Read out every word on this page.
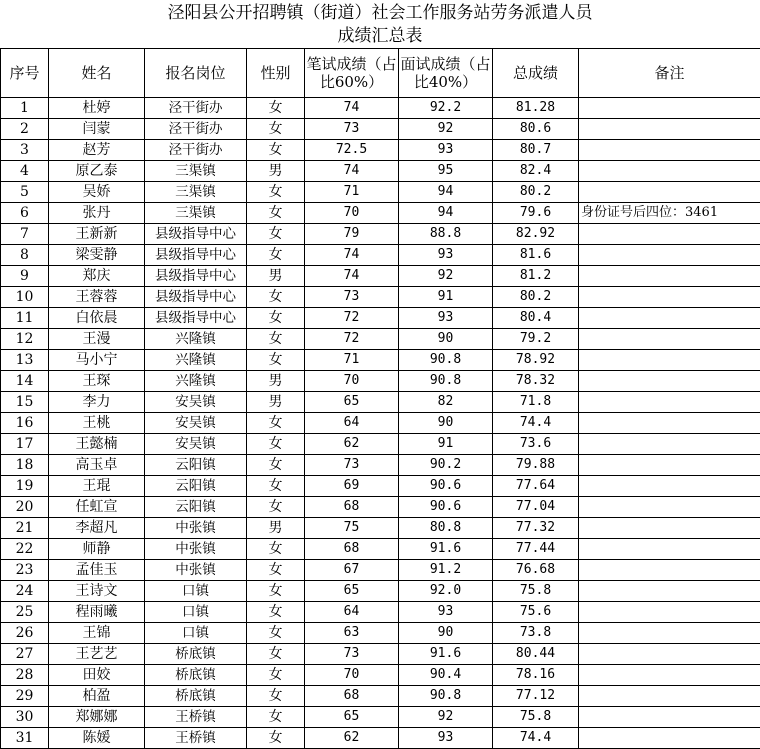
泾阳县公开招聘镇（街道）社会工作服务站劳务派遣人员
成绩汇总表
序号	姓名	报名岗位	性别	笔试成绩（占比60%）	面试成绩（占比40%）	总成绩	备注
1	杜婷	泾干街办	女	74	92.2	81.28	
2	闫蒙	泾干街办	女	73	92	80.6	
3	赵芳	泾干街办	女	72.5	93	80.7	
4	原乙泰	三渠镇	男	74	95	82.4	
5	吴娇	三渠镇	女	71	94	80.2	
6	张丹	三渠镇	女	70	94	79.6	身份证号后四位：3461
7	王新新	县级指导中心	女	79	88.8	82.92	
8	梁雯静	县级指导中心	女	74	93	81.6	
9	郑庆	县级指导中心	男	74	92	81.2	
10	王蓉蓉	县级指导中心	女	73	91	80.2	
11	白依晨	县级指导中心	女	72	93	80.4	
12	王漫	兴隆镇	女	72	90	79.2	
13	马小宁	兴隆镇	女	71	90.8	78.92	
14	王琛	兴隆镇	男	70	90.8	78.32	
15	李力	安吴镇	男	65	82	71.8	
16	王桃	安吴镇	女	64	90	74.4	
17	王懿楠	安吴镇	女	62	91	73.6	
18	高玉卓	云阳镇	女	73	90.2	79.88	
19	王琨	云阳镇	女	69	90.6	77.64	
20	任虹宣	云阳镇	女	68	90.6	77.04	
21	李超凡	中张镇	男	75	80.8	77.32	
22	师静	中张镇	女	68	91.6	77.44	
23	孟佳玉	中张镇	女	67	91.2	76.68	
24	王诗文	口镇	女	65	92.0	75.8	
25	程雨曦	口镇	女	64	93	75.6	
26	王锦	口镇	女	63	90	73.8	
27	王艺艺	桥底镇	女	73	91.6	80.44	
28	田姣	桥底镇	女	70	90.4	78.16	
29	柏盈	桥底镇	女	68	90.8	77.12	
30	郑娜娜	王桥镇	女	65	92	75.8	
31	陈媛	王桥镇	女	62	93	74.4	
